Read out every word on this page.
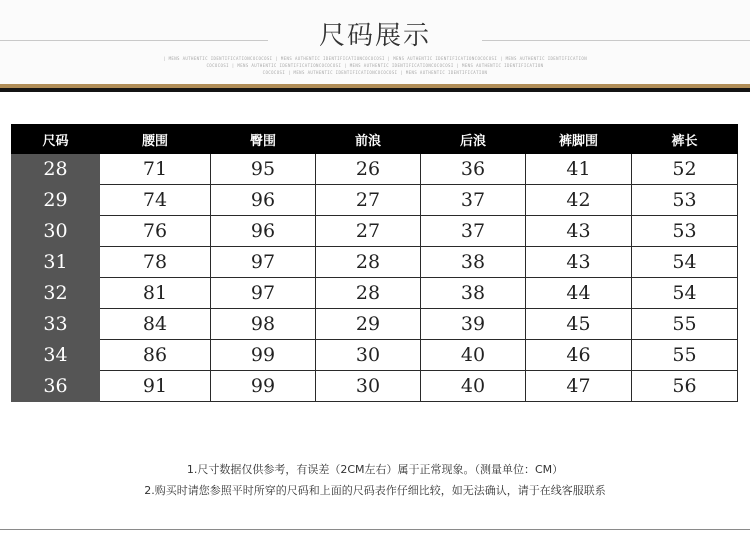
尺码展示
| MENS AUTHENTIC IDENTIFICATIONCOCOCOSI | MENS AUTHENTIC IDENTIFICATIONCOCOCOSI | MENS AUTHENTIC IDENTIFICATIONCOCOCOSI | MENS AUTHENTIC IDENTIFICATION
COCOCOSI | MENS AUTHENTIC IDENTIFICATIONCOCOCOSI | MENS AUTHENTIC IDENTIFICATIONCOCOCOSI | MENS AUTHENTIC IDENTIFICATION
COCOCOSI | MENS AUTHENTIC IDENTIFICATIONCOCOCOSI | MENS AUTHENTIC IDENTIFICATION
尺码	腰围	臀围	前浪	后浪	裤脚围	裤长
28	71	95	26	36	41	52
29	74	96	27	37	42	53
30	76	96	27	37	43	53
31	78	97	28	38	43	54
32	81	97	28	38	44	54
33	84	98	29	39	45	55
34	86	99	30	40	46	55
36	91	99	30	40	47	56
1.尺寸数据仅供参考，有误差（2CM左右）属于正常现象。（测量单位：CM）
2.购买时请您参照平时所穿的尺码和上面的尺码表作仔细比较，如无法确认，请于在线客服联系
